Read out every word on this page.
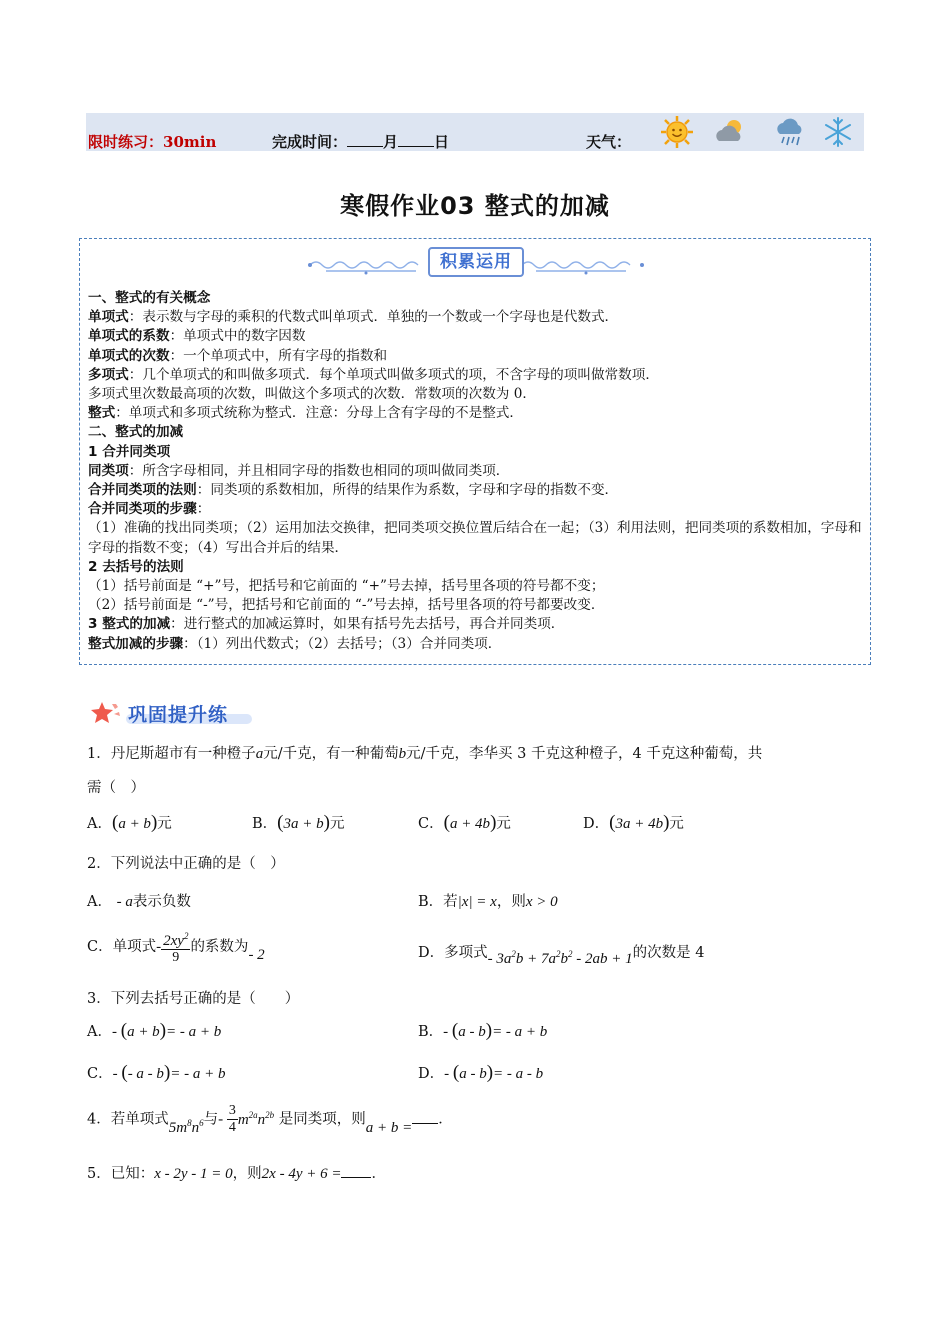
限时练习：30min	完成时间： 月 日	天气：
寒假作业03 整式的加减
积累运用

一、整式的有关概念

单项式：表示数与字母的乘积的代数式叫单项式．单独的一个数或一个字母也是代数式．

单项式的系数：单项式中的数字因数

单项式的次数：一个单项式中，所有字母的指数和

多项式：几个单项式的和叫做多项式．每个单项式叫做多项式的项，不含字母的项叫做常数项．

多项式里次数最高项的次数，叫做这个多项式的次数．常数项的次数为 0．

整式：单项式和多项式统称为整式．注意：分母上含有字母的不是整式．

二、整式的加减

1 合并同类项

同类项：所含字母相同，并且相同字母的指数也相同的项叫做同类项．

合并同类项的法则：同类项的系数相加，所得的结果作为系数，字母和字母的指数不变．

合并同类项的步骤：

（1）准确的找出同类项；（2）运用加法交换律，把同类项交换位置后结合在一起；（3）利用法则，把同类项的系数相加，字母和字母的指数不变；（4）写出合并后的结果．

2 去括号的法则

（1）括号前面是 “+”号，把括号和它前面的 “+”号去掉，括号里各项的符号都不变；

（2）括号前面是 “-”号，把括号和它前面的 “-”号去掉，括号里各项的符号都要改变．

3 整式的加减：进行整式的加减运算时，如果有括号先去括号，再合并同类项．

整式加减的步骤：（1）列出代数式；（2）去括号；（3）合并同类项．

巩固提升练
1．丹尼斯超市有一种橙子a元/千克，有一种葡萄b元/千克，李华买 3 千克这种橙子，4 千克这种葡萄，共
需（　）
A．(a + b)元	B．(3a + b)元	C．(a + 4b)元	D．(3a + 4b)元
2．下列说法中正确的是（　）
A． - a表示负数	B．若|x| = x，则x > 0
C．单项式- $\frac{2xy^2}{9}$ 的系数为- 2	D．多项式- $3a^2b + 7a^2b^2 - 2ab + 1$的次数是 4
3．下列去括号正确的是（　　）
A．- (a + b)= - a + b	B．- (a - b)= - a + b
C．- (- a - b)= - a + b	D．- (a - b)= - a - b
4．若单项式$5m^8n^6$与- $\frac{3}{4} m^{2a}n^{2b}$ 是同类项，则a + b = ．
5．已知：x - 2y - 1 = 0，则2x - 4y + 6 = ．
